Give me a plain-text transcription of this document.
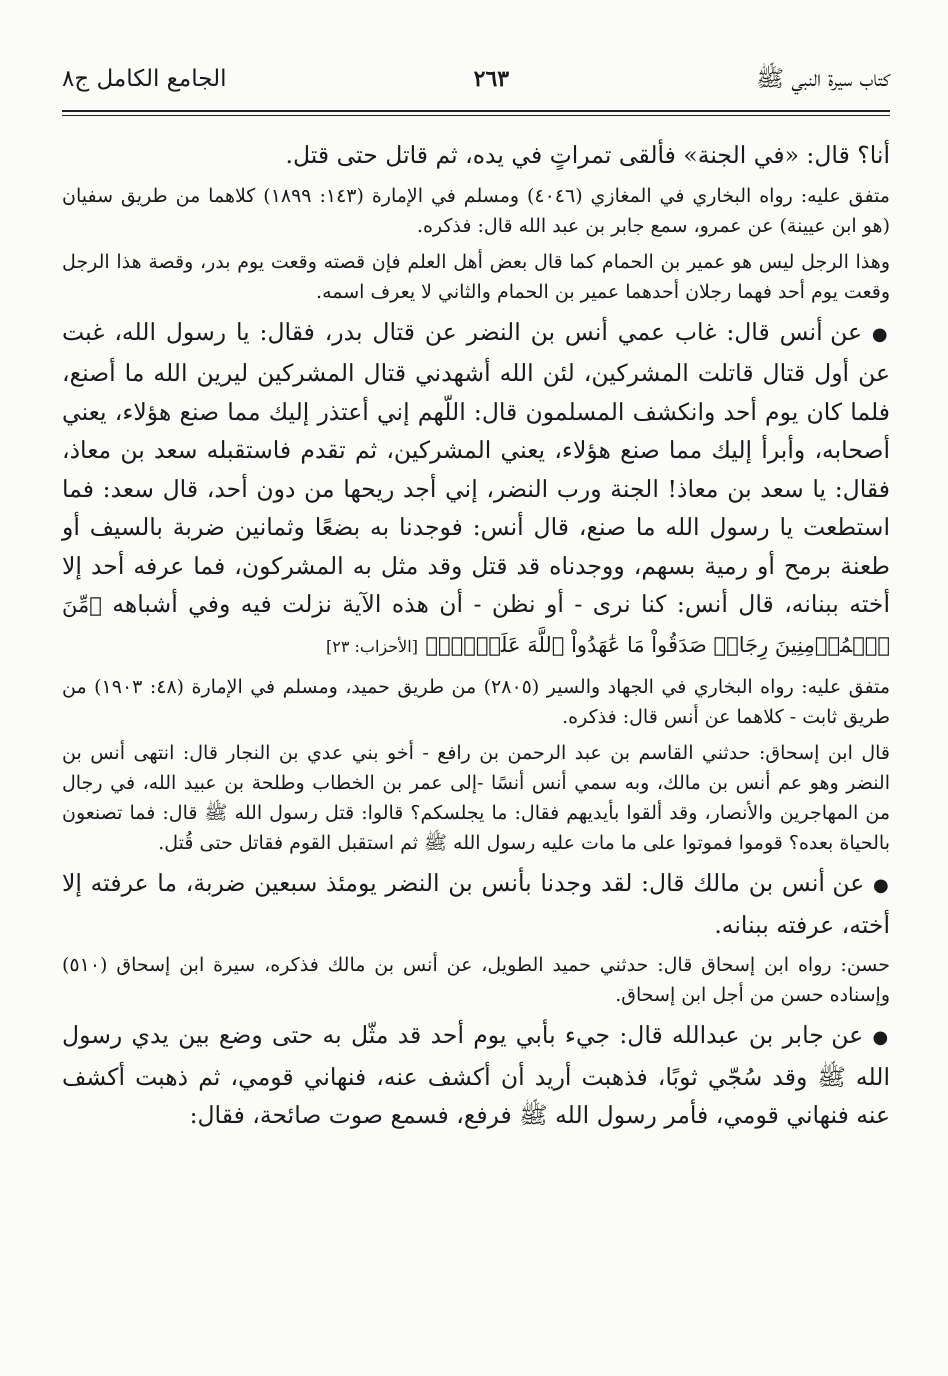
الجامع الكامل ج٨	٢٦٣	كتاب سيرة النبي ﷺ

أنا؟ قال: «في الجنة» فألقى تمراتٍ في يده، ثم قاتل حتى قتل.

متفق عليه: رواه البخاري في المغازي (٤٠٤٦) ومسلم في الإمارة (١٤٣: ١٨٩٩) كلاهما من طريق سفيان (هو ابن عيينة) عن عمرو، سمع جابر بن عبد الله قال: فذكره.

وهذا الرجل ليس هو عمير بن الحمام كما قال بعض أهل العلم فإن قصته وقعت يوم بدر، وقصة هذا الرجل وقعت يوم أحد فهما رجلان أحدهما عمير بن الحمام والثاني لا يعرف اسمه.

● عن أنس قال: غاب عمي أنس بن النضر عن قتال بدر، فقال: يا رسول الله، غبت عن أول قتال قاتلت المشركين، لئن الله أشهدني قتال المشركين ليرين الله ما أصنع، فلما كان يوم أحد وانكشف المسلمون قال: اللّهم إني أعتذر إليك مما صنع هؤلاء، يعني أصحابه، وأبرأ إليك مما صنع هؤلاء، يعني المشركين، ثم تقدم فاستقبله سعد بن معاذ، فقال: يا سعد بن معاذ! الجنة ورب النضر، إني أجد ريحها من دون أحد، قال سعد: فما استطعت يا رسول الله ما صنع، قال أنس: فوجدنا به بضعًا وثمانين ضربة بالسيف أو طعنة برمح أو رمية بسهم، ووجدناه قد قتل وقد مثل به المشركون، فما عرفه أحد إلا أخته ببنانه، قال أنس: كنا نرى - أو نظن - أن هذه الآية نزلت فيه وفي أشباهه ﴿مِّنَ ٱلۡمُؤۡمِنِينَ رِجَالٞ صَدَقُواْ مَا عَٰهَدُواْ ٱللَّهَ عَلَيۡهِۖ﴾ [الأحزاب: ٢٣]

متفق عليه: رواه البخاري في الجهاد والسير (٢٨٠٥) من طريق حميد، ومسلم في الإمارة (٤٨: ١٩٠٣) من طريق ثابت - كلاهما عن أنس قال: فذكره.

قال ابن إسحاق: حدثني القاسم بن عبد الرحمن بن رافع - أخو بني عدي بن النجار قال: انتهى أنس بن النضر وهو عم أنس بن مالك، وبه سمي أنس أنسًا -إلى عمر بن الخطاب وطلحة بن عبيد الله، في رجال من المهاجرين والأنصار، وقد ألقوا بأيديهم فقال: ما يجلسكم؟ قالوا: قتل رسول الله ﷺ قال: فما تصنعون بالحياة بعده؟ قوموا فموتوا على ما مات عليه رسول الله ﷺ ثم استقبل القوم فقاتل حتى قُتل.

● عن أنس بن مالك قال: لقد وجدنا بأنس بن النضر يومئذ سبعين ضربة، ما عرفته إلا أخته، عرفته ببنانه.

حسن: رواه ابن إسحاق قال: حدثني حميد الطويل، عن أنس بن مالك فذكره، سيرة ابن إسحاق (٥١٠) وإسناده حسن من أجل ابن إسحاق.

● عن جابر بن عبدالله قال: جيء بأبي يوم أحد قد مثّل به حتى وضع بين يدي رسول الله ﷺ وقد سُجّي ثوبًا، فذهبت أريد أن أكشف عنه، فنهاني قومي، ثم ذهبت أكشف عنه فنهاني قومي، فأمر رسول الله ﷺ فرفع، فسمع صوت صائحة، فقال:
